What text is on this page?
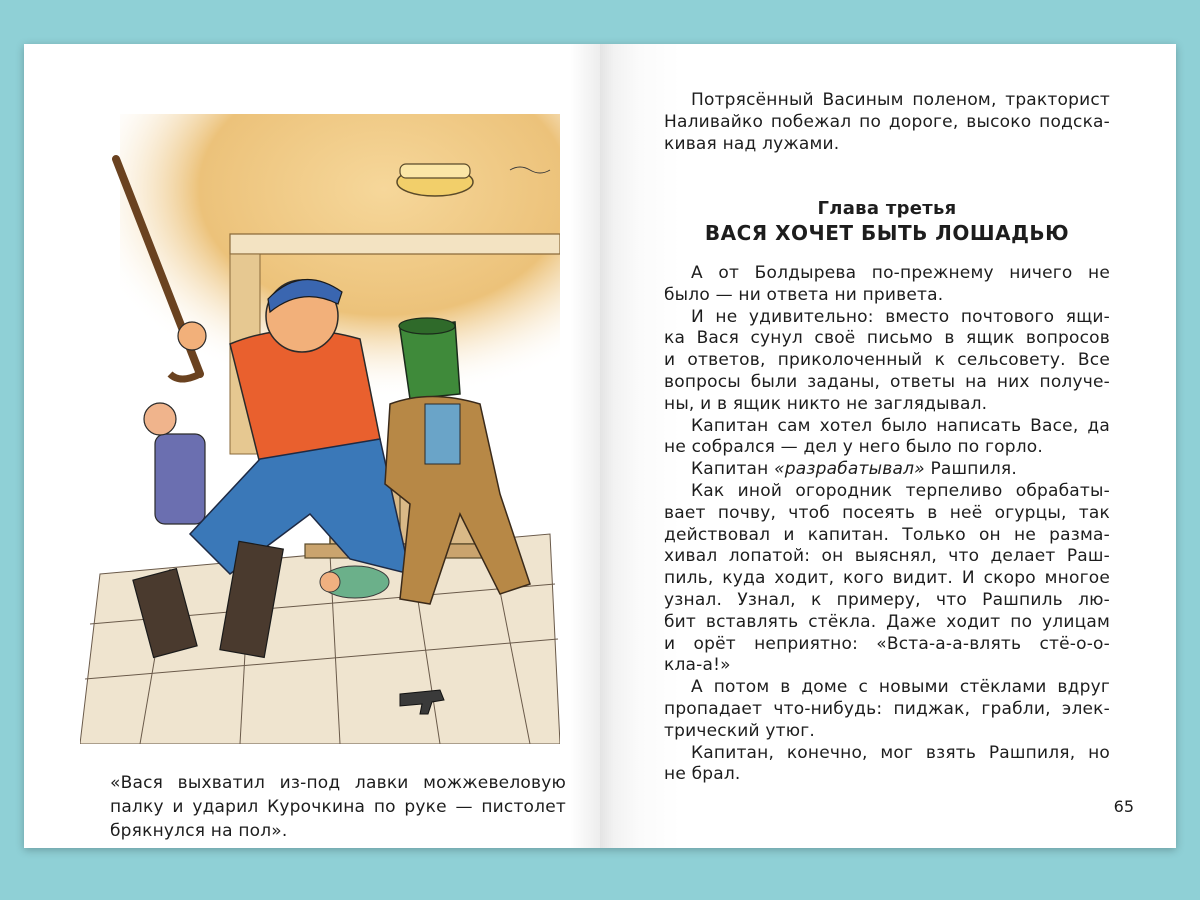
«Вася выхватил из-под лавки можжевеловую
палку и ударил Курочкина по руке — пистолет
брякнулся на пол».
Потрясённый Васиным поленом, тракторист
Наливайко побежал по дороге, высоко подска-
кивая над лужами.
Глава третья
ВАСЯ ХОЧЕТ БЫТЬ ЛОШАДЬЮ
А от Болдырева по-прежнему ничего не
было — ни ответа ни привета.
И не удивительно: вместо почтового ящи-
ка Вася сунул своё письмо в ящик вопросов
и ответов, приколоченный к сельсовету. Все
вопросы были заданы, ответы на них получе-
ны, и в ящик никто не заглядывал.
Капитан сам хотел было написать Васе, да
не собрался — дел у него было по горло.
Капитан «разрабатывал» Рашпиля.
Как иной огородник терпеливо обрабаты-
вает почву, чтоб посеять в неё огурцы, так
действовал и капитан. Только он не разма-
хивал лопатой: он выяснял, что делает Раш-
пиль, куда ходит, кого видит. И скоро многое
узнал. Узнал, к примеру, что Рашпиль лю-
бит вставлять стёкла. Даже ходит по улицам
и орёт неприятно: «Вста-а-а-влять стё-о-о-
кла-а!»
А потом в доме с новыми стёклами вдруг
пропадает что-нибудь: пиджак, грабли, элек-
трический утюг.
Капитан, конечно, мог взять Рашпиля, но
не брал.
65
